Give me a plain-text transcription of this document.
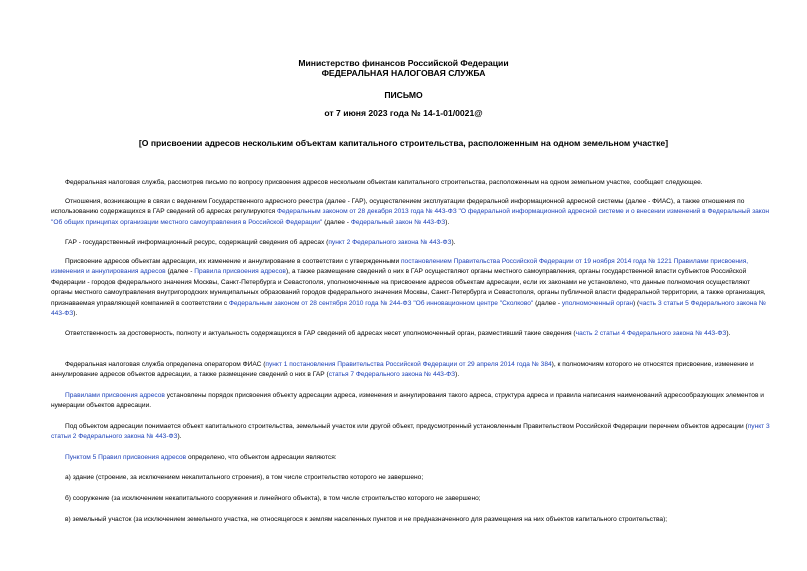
Министерство финансов Российской Федерации
ФЕДЕРАЛЬНАЯ НАЛОГОВАЯ СЛУЖБА
ПИСЬМО
от 7 июня 2023 года № 14-1-01/0021@
[О присвоении адресов нескольким объектам капитального строительства, расположенным на одном земельном участке]
Федеральная налоговая служба, рассмотрев письмо по вопросу присвоения адресов нескольким объектам капитального строительства, расположенным на одном земельном участке, сообщает следующее.
Отношения, возникающие в связи с ведением Государственного адресного реестра (далее - ГАР), осуществлением эксплуатации федеральной информационной адресной системы (далее - ФИАС), а также отношения по использованию содержащихся в ГАР сведений об адресах регулируются Федеральным законом от 28 декабря 2013 года № 443-ФЗ "О федеральной информационной адресной системе и о внесении изменений в Федеральный закон "Об общих принципах организации местного самоуправления в Российской Федерации" (далее - Федеральный закон № 443-ФЗ).
ГАР - государственный информационный ресурс, содержащий сведения об адресах (пункт 2 Федерального закона № 443-ФЗ).
Присвоение адресов объектам адресации, их изменение и аннулирование в соответствии с утвержденными постановлением Правительства Российской Федерации от 19 ноября 2014 года № 1221 Правилами присвоения, изменения и аннулирования адресов (далее - Правила присвоения адресов), а также размещение сведений о них в ГАР осуществляют органы местного самоуправления, органы государственной власти субъектов Российской Федерации - городов федерального значения Москвы, Санкт-Петербурга и Севастополя, уполномоченные на присвоение адресов объектам адресации, если их законами не установлено, что данные полномочия осуществляют органы местного самоуправления внутригородских муниципальных образований городов федерального значения Москвы, Санкт-Петербурга и Севастополя, органы публичной власти федеральной территории, а также организация, признаваемая управляющей компанией в соответствии с Федеральным законом от 28 сентября 2010 года № 244-ФЗ "Об инновационном центре "Сколково" (далее - уполномоченный орган) (часть 3 статьи 5 Федерального закона № 443-ФЗ).
Ответственность за достоверность, полноту и актуальность содержащихся в ГАР сведений об адресах несет уполномоченный орган, разместивший такие сведения (часть 2 статьи 4 Федерального закона № 443-ФЗ).
Федеральная налоговая служба определена оператором ФИАС (пункт 1 постановления Правительства Российской Федерации от 29 апреля 2014 года № 384), к полномочиям которого не относятся присвоение, изменение и аннулирование адресов объектов адресации, а также размещение сведений о них в ГАР (статья 7 Федерального закона № 443-ФЗ).
Правилами присвоения адресов установлены порядок присвоения объекту адресации адреса, изменения и аннулирования такого адреса, структура адреса и правила написания наименований адресообразующих элементов и нумерации объектов адресации.
Под объектом адресации понимается объект капитального строительства, земельный участок или другой объект, предусмотренный установленным Правительством Российской Федерации перечнем объектов адресации (пункт 3 статьи 2 Федерального закона № 443-ФЗ).
Пунктом 5 Правил присвоения адресов определено, что объектом адресации являются:
а) здание (строение, за исключением некапитального строения), в том числе строительство которого не завершено;
б) сооружение (за исключением некапитального сооружения и линейного объекта), в том числе строительство которого не завершено;
в) земельный участок (за исключением земельного участка, не относящегося к землям населенных пунктов и не предназначенного для размещения на них объектов капитального строительства);
